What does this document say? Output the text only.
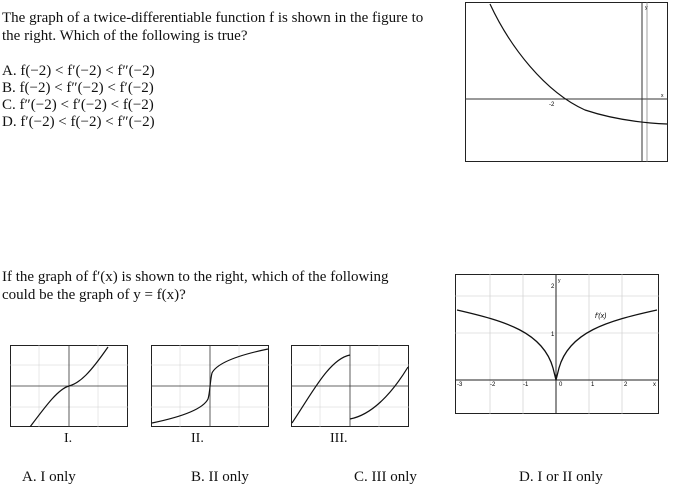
The graph of a twice-differentiable function f is shown in the figure to
the right. Which of the following is true?
A. f(−2) < f′(−2) < f″(−2)
B. f(−2) < f″(−2) < f′(−2)
C. f″(−2) < f′(−2) < f(−2)
D. f′(−2) < f(−2) < f″(−2)
-2
x
y
If the graph of f′(x) is shown to the right, which of the following
could be the graph of y = f(x)?
f′(x)
-3	-2	-1	0	1	2	x
1
2
y
I.	II.	III.
A. I only	B. II only	C. III only	D. I or II only
